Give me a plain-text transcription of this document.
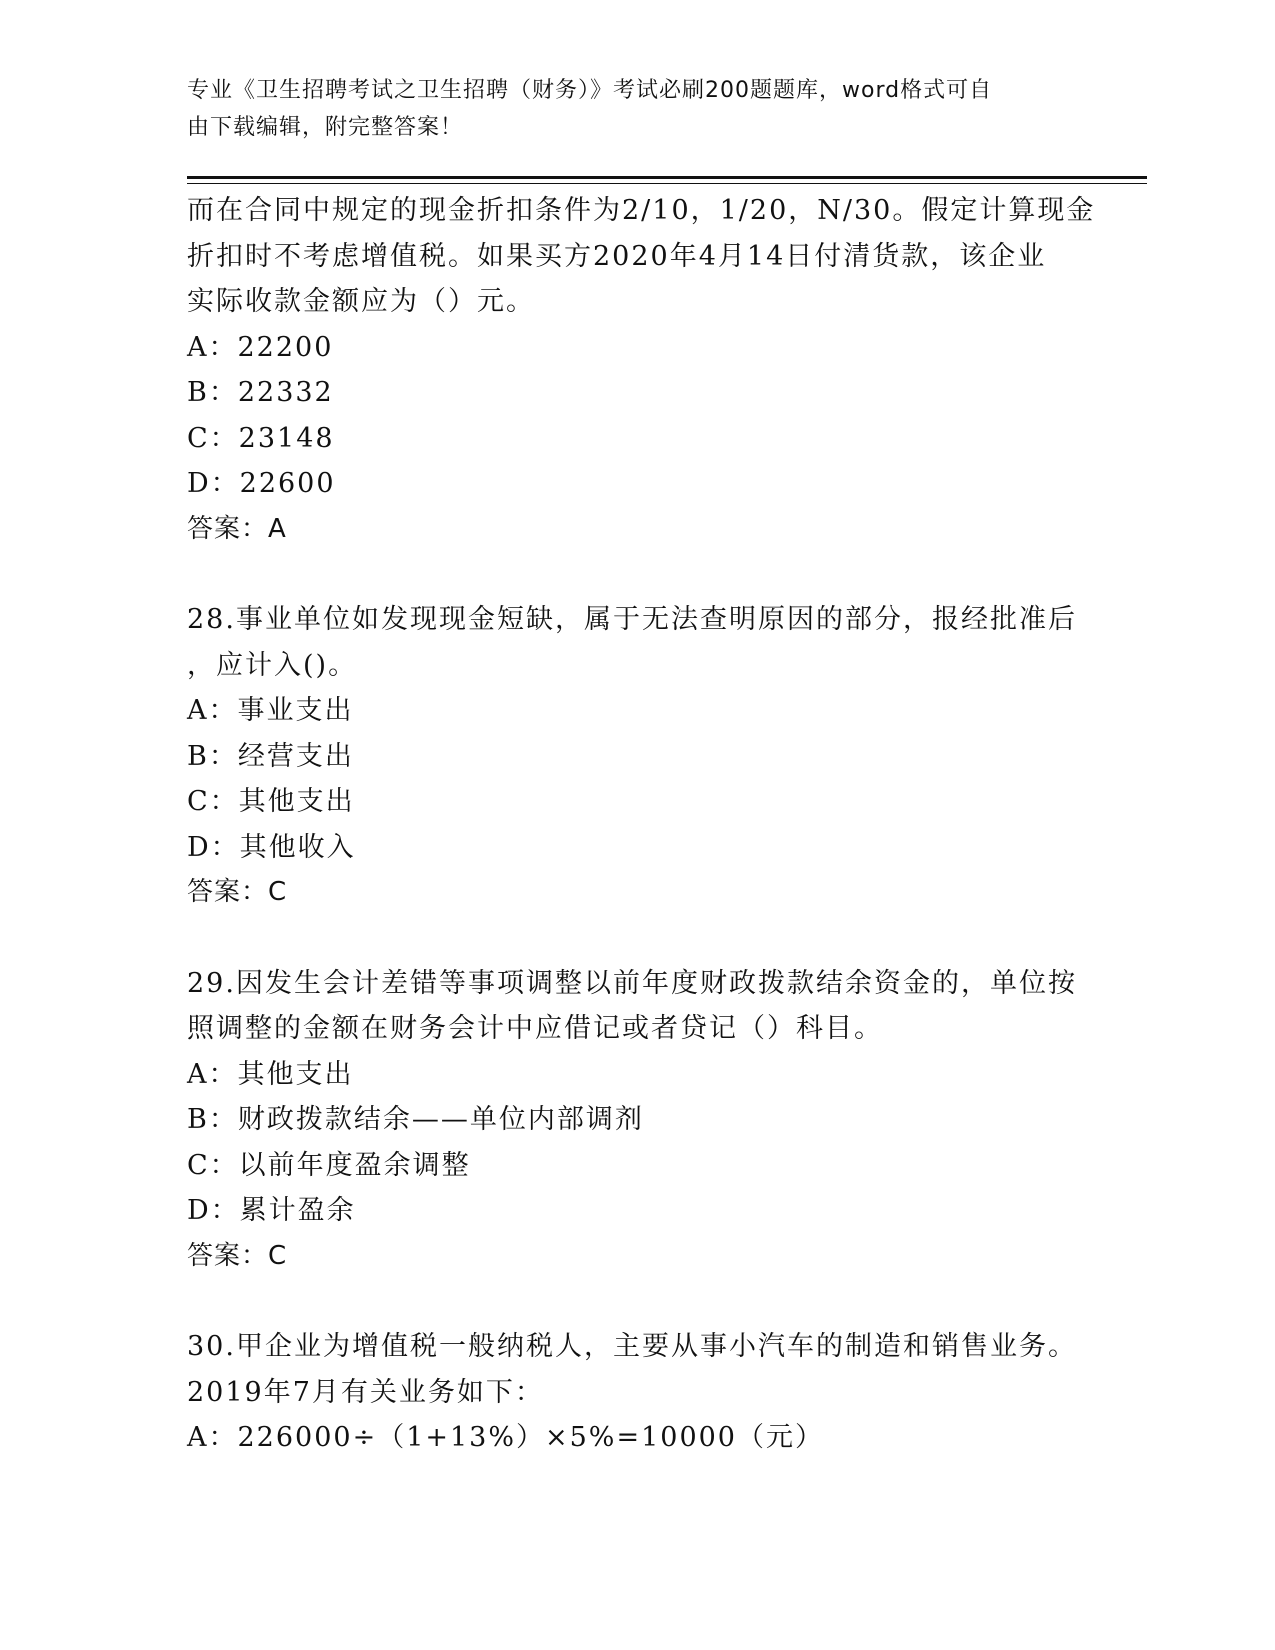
专业《卫生招聘考试之卫生招聘（财务）》考试必刷200题题库，word格式可自
由下载编辑，附完整答案！
而在合同中规定的现金折扣条件为2/10，1/20，N/30。假定计算现金
折扣时不考虑增值税。如果买方2020年4月14日付清货款，该企业
实际收款金额应为（）元。
A：22200
B：22332
C：23148
D：22600
答案：A
28.事业单位如发现现金短缺，属于无法查明原因的部分，报经批准后
，应计入()。
A：事业支出
B：经营支出
C：其他支出
D：其他收入
答案：C
29.因发生会计差错等事项调整以前年度财政拨款结余资金的，单位按
照调整的金额在财务会计中应借记或者贷记（）科目。
A：其他支出
B：财政拨款结余——单位内部调剂
C：以前年度盈余调整
D：累计盈余
答案：C
30.甲企业为增值税一般纳税人，主要从事小汽车的制造和销售业务。
2019年7月有关业务如下：
A：226000÷（1+13%）×5%=10000（元）
